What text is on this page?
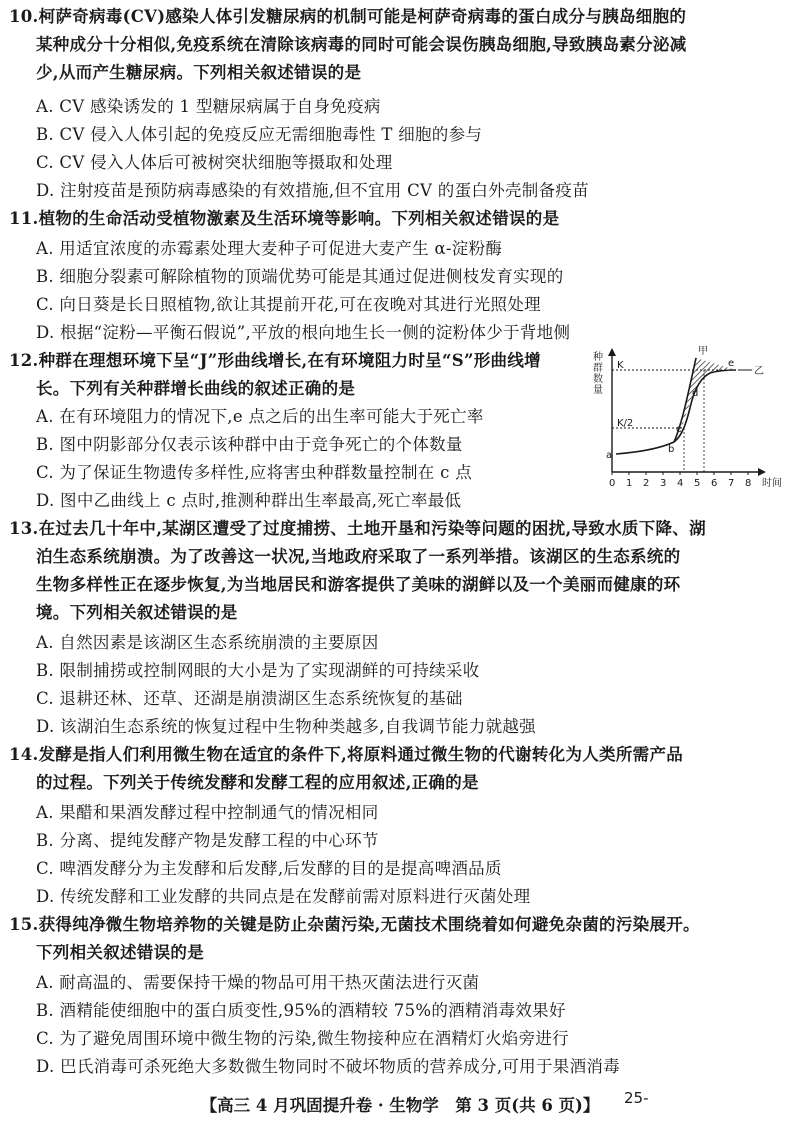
10.柯萨奇病毒(CV)感染人体引发糖尿病的机制可能是柯萨奇病毒的蛋白成分与胰岛细胞的
某种成分十分相似,免疫系统在清除该病毒的同时可能会误伤胰岛细胞,导致胰岛素分泌减
少,从而产生糖尿病。下列相关叙述错误的是
A. CV 感染诱发的 1 型糖尿病属于自身免疫病
B. CV 侵入人体引起的免疫反应无需细胞毒性 T 细胞的参与
C. CV 侵入人体后可被树突状细胞等摄取和处理
D. 注射疫苗是预防病毒感染的有效措施,但不宜用 CV 的蛋白外壳制备疫苗
11.植物的生命活动受植物激素及生活环境等影响。下列相关叙述错误的是
A. 用适宜浓度的赤霉素处理大麦种子可促进大麦产生 α-淀粉酶
B. 细胞分裂素可解除植物的顶端优势可能是其通过促进侧枝发育实现的
C. 向日葵是长日照植物,欲让其提前开花,可在夜晚对其进行光照处理
D. 根据“淀粉—平衡石假说”,平放的根向地生长一侧的淀粉体少于背地侧
12.种群在理想环境下呈“J”形曲线增长,在有环境阻力时呈“S”形曲线增
长。下列有关种群增长曲线的叙述正确的是
A. 在有环境阻力的情况下,e 点之后的出生率可能大于死亡率
B. 图中阴影部分仅表示该种群中由于竞争死亡的个体数量
C. 为了保证生物遗传多样性,应将害虫种群数量控制在 c 点
D. 图中乙曲线上 c 点时,推测种群出生率最高,死亡率最低
种 群 数 量
K
K/2
甲
乙
a
b
c
d
e
0 1 2 3 4 5 6 7 8 时间
13.在过去几十年中,某湖区遭受了过度捕捞、土地开垦和污染等问题的困扰,导致水质下降、湖
泊生态系统崩溃。为了改善这一状况,当地政府采取了一系列举措。该湖区的生态系统的
生物多样性正在逐步恢复,为当地居民和游客提供了美味的湖鲜以及一个美丽而健康的环
境。下列相关叙述错误的是
A. 自然因素是该湖区生态系统崩溃的主要原因
B. 限制捕捞或控制网眼的大小是为了实现湖鲜的可持续采收
C. 退耕还林、还草、还湖是崩溃湖区生态系统恢复的基础
D. 该湖泊生态系统的恢复过程中生物种类越多,自我调节能力就越强
14.发酵是指人们利用微生物在适宜的条件下,将原料通过微生物的代谢转化为人类所需产品
的过程。下列关于传统发酵和发酵工程的应用叙述,正确的是
A. 果醋和果酒发酵过程中控制通气的情况相同
B. 分离、提纯发酵产物是发酵工程的中心环节
C. 啤酒发酵分为主发酵和后发酵,后发酵的目的是提高啤酒品质
D. 传统发酵和工业发酵的共同点是在发酵前需对原料进行灭菌处理
15.获得纯净微生物培养物的关键是防止杂菌污染,无菌技术围绕着如何避免杂菌的污染展开。
下列相关叙述错误的是
A. 耐高温的、需要保持干燥的物品可用干热灭菌法进行灭菌
B. 酒精能使细胞中的蛋白质变性,95%的酒精较 75%的酒精消毒效果好
C. 为了避免周围环境中微生物的污染,微生物接种应在酒精灯火焰旁进行
D. 巴氏消毒可杀死绝大多数微生物同时不破坏物质的营养成分,可用于果酒消毒
【高三 4 月巩固提升卷 · 生物学　第 3 页(共 6 页)】	25-
